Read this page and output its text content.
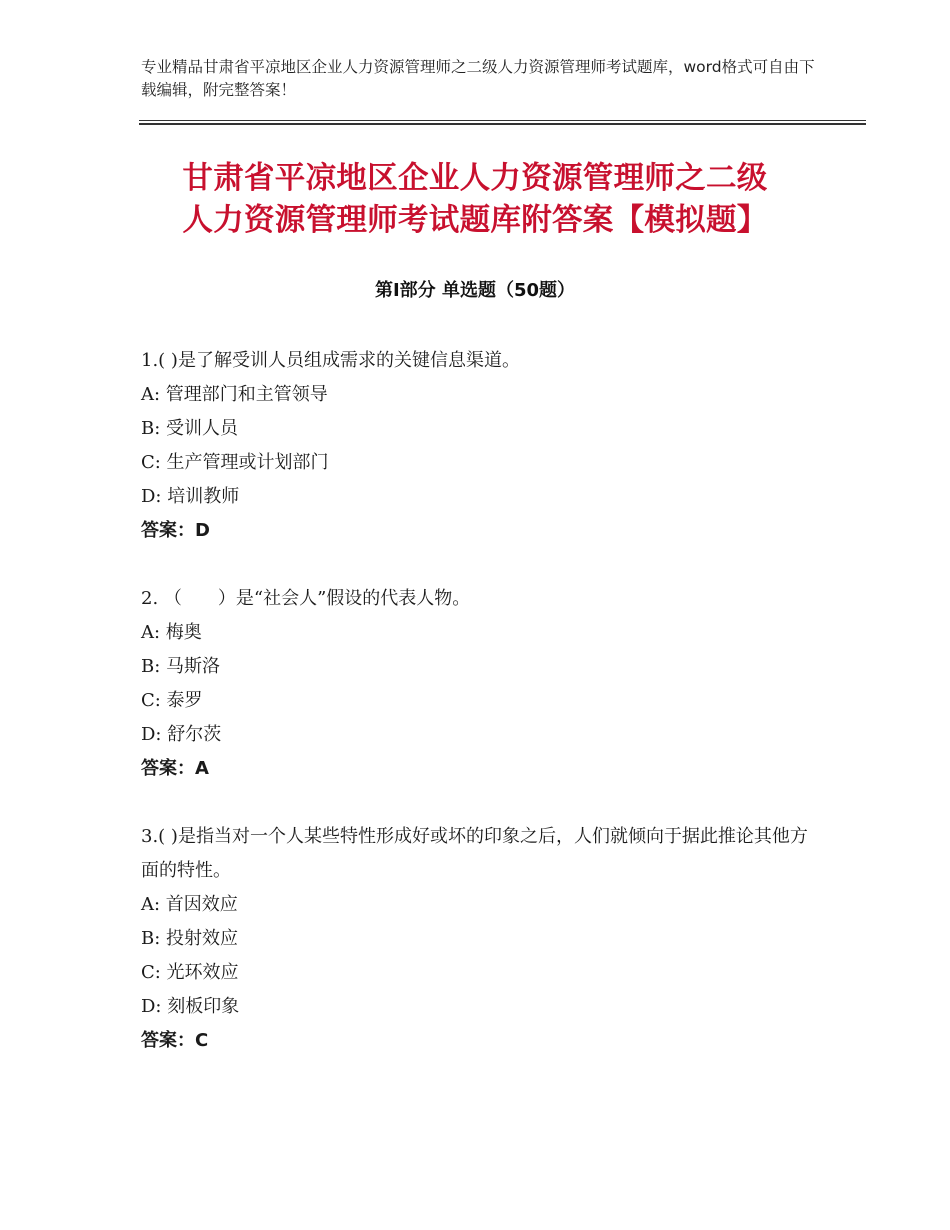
专业精品甘肃省平凉地区企业人力资源管理师之二级人力资源管理师考试题库，word格式可自由下载编辑，附完整答案！
甘肃省平凉地区企业人力资源管理师之二级
人力资源管理师考试题库附答案【模拟题】
第Ⅰ部分 单选题（50题）

1.( )是了解受训人员组成需求的关键信息渠道。

A: 管理部门和主管领导

B: 受训人员

C: 生产管理或计划部门

D: 培训教师

答案：D

2. （　　）是“社会人”假设的代表人物。

A: 梅奥

B: 马斯洛

C: 泰罗

D: 舒尔茨

答案：A

3.( )是指当对一个人某些特性形成好或坏的印象之后，人们就倾向于据此推论其他方面的特性。

A: 首因效应

B: 投射效应

C: 光环效应

D: 刻板印象

答案：C
